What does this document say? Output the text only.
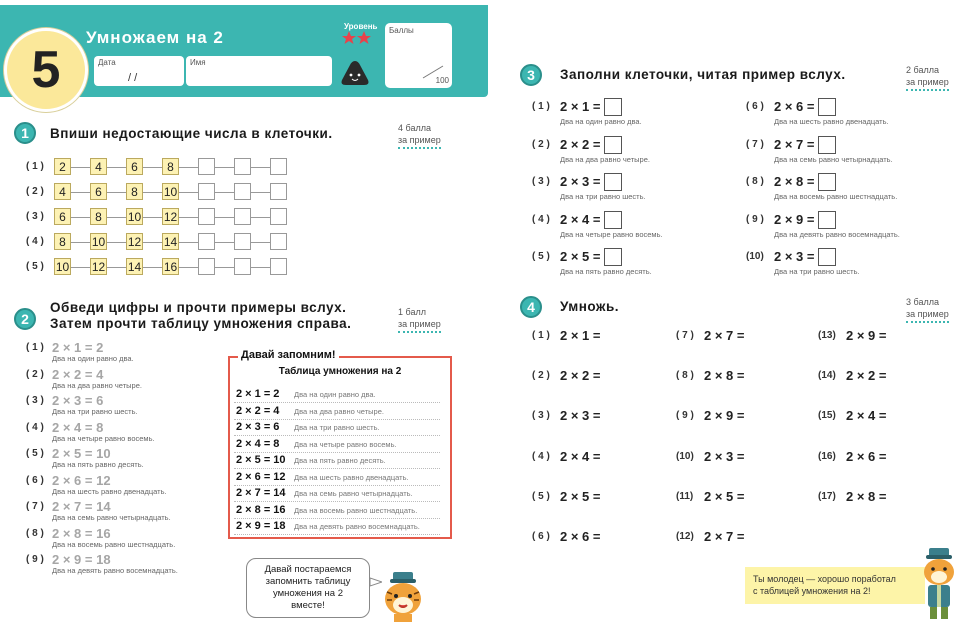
5
Умножаем на 2
Дата
/ /
Имя
Уровень Баллы
100
1	Впиши недостающие числа в клеточки.	4 балла
за пример
( 1 )	2	4	6	8
( 2 )	4	6	8	10
( 3 )	6	8	10 12
( 4 )	8	10 12 14
( 5 ) 10 12 14 16
2
Обведи цифры и прочти примеры вслух.
Затем прочти таблицу умножения справа.
1 балл
за пример
( 1 ) 2 × 1 = 2
Два на один равно два.
( 2 ) 2 × 2 = 4
Два на два равно четыре.
( 3 ) 2 × 3 = 6
Два на три равно шесть.
( 4 ) 2 × 4 = 8
Два на четыре равно восемь.
( 5 ) 2 × 5 = 10
Два на пять равно десять.
( 6 ) 2 × 6 = 12
Два на шесть равно двенадцать.
( 7 ) 2 × 7 = 14
Два на семь равно четырнадцать.
( 8 ) 2 × 8 = 16
Два на восемь равно шестнадцать.
( 9 ) 2 × 9 = 18
Два на девять равно восемнадцать.
Давай запомним!
Таблица умножения на 2
2 × 1 = 2 Два на один равно два.
2 × 2 = 4 Два на два равно четыре.
2 × 3 = 6 Два на три равно шесть.
2 × 4 = 8 Два на четыре равно восемь.
2 × 5 = 10 Два на пять равно десять.
2 × 6 = 12 Два на шесть равно двенадцать.
2 × 7 = 14 Два на семь равно четырнадцать.
2 × 8 = 16 Два на восемь равно шестнадцать.
2 × 9 = 18 Два на девять равно восемнадцать.
Давай постараемся
запомнить таблицу
умножения на 2
вместе!
3	Заполни клеточки, читая пример вслух.	2 балла
за пример
( 1 ) 2 × 1 =
Два на один равно два.
( 2 ) 2 × 2 =
Два на два равно четыре.
( 3 ) 2 × 3 =
Два на три равно шесть.
( 4 ) 2 × 4 =
Два на четыре равно восемь.
( 5 ) 2 × 5 =
Два на пять равно десять.
( 6 ) 2 × 6 =
Два на шесть равно двенадцать.
( 7 ) 2 × 7 =
Два на семь равно четырнадцать.
( 8 ) 2 × 8 =
Два на восемь равно шестнадцать.
( 9 ) 2 × 9 =
Два на девять равно восемнадцать.
(10) 2 × 3 =
Два на три равно шесть.
4	Умножь.	3 балла
за пример
( 1 ) 2 × 1 =
( 2 ) 2 × 2 =
( 3 ) 2 × 3 =
( 4 ) 2 × 4 =
( 5 ) 2 × 5 =
( 6 ) 2 × 6 =
( 7 ) 2 × 7 =
( 8 ) 2 × 8 =
( 9 ) 2 × 9 =
(10) 2 × 3 =
(11) 2 × 5 =
(12) 2 × 7 =
(13) 2 × 9 =
(14) 2 × 2 =
(15) 2 × 4 =
(16) 2 × 6 =
(17) 2 × 8 =
Ты молодец — хорошо поработал
с таблицей умножения на 2!
